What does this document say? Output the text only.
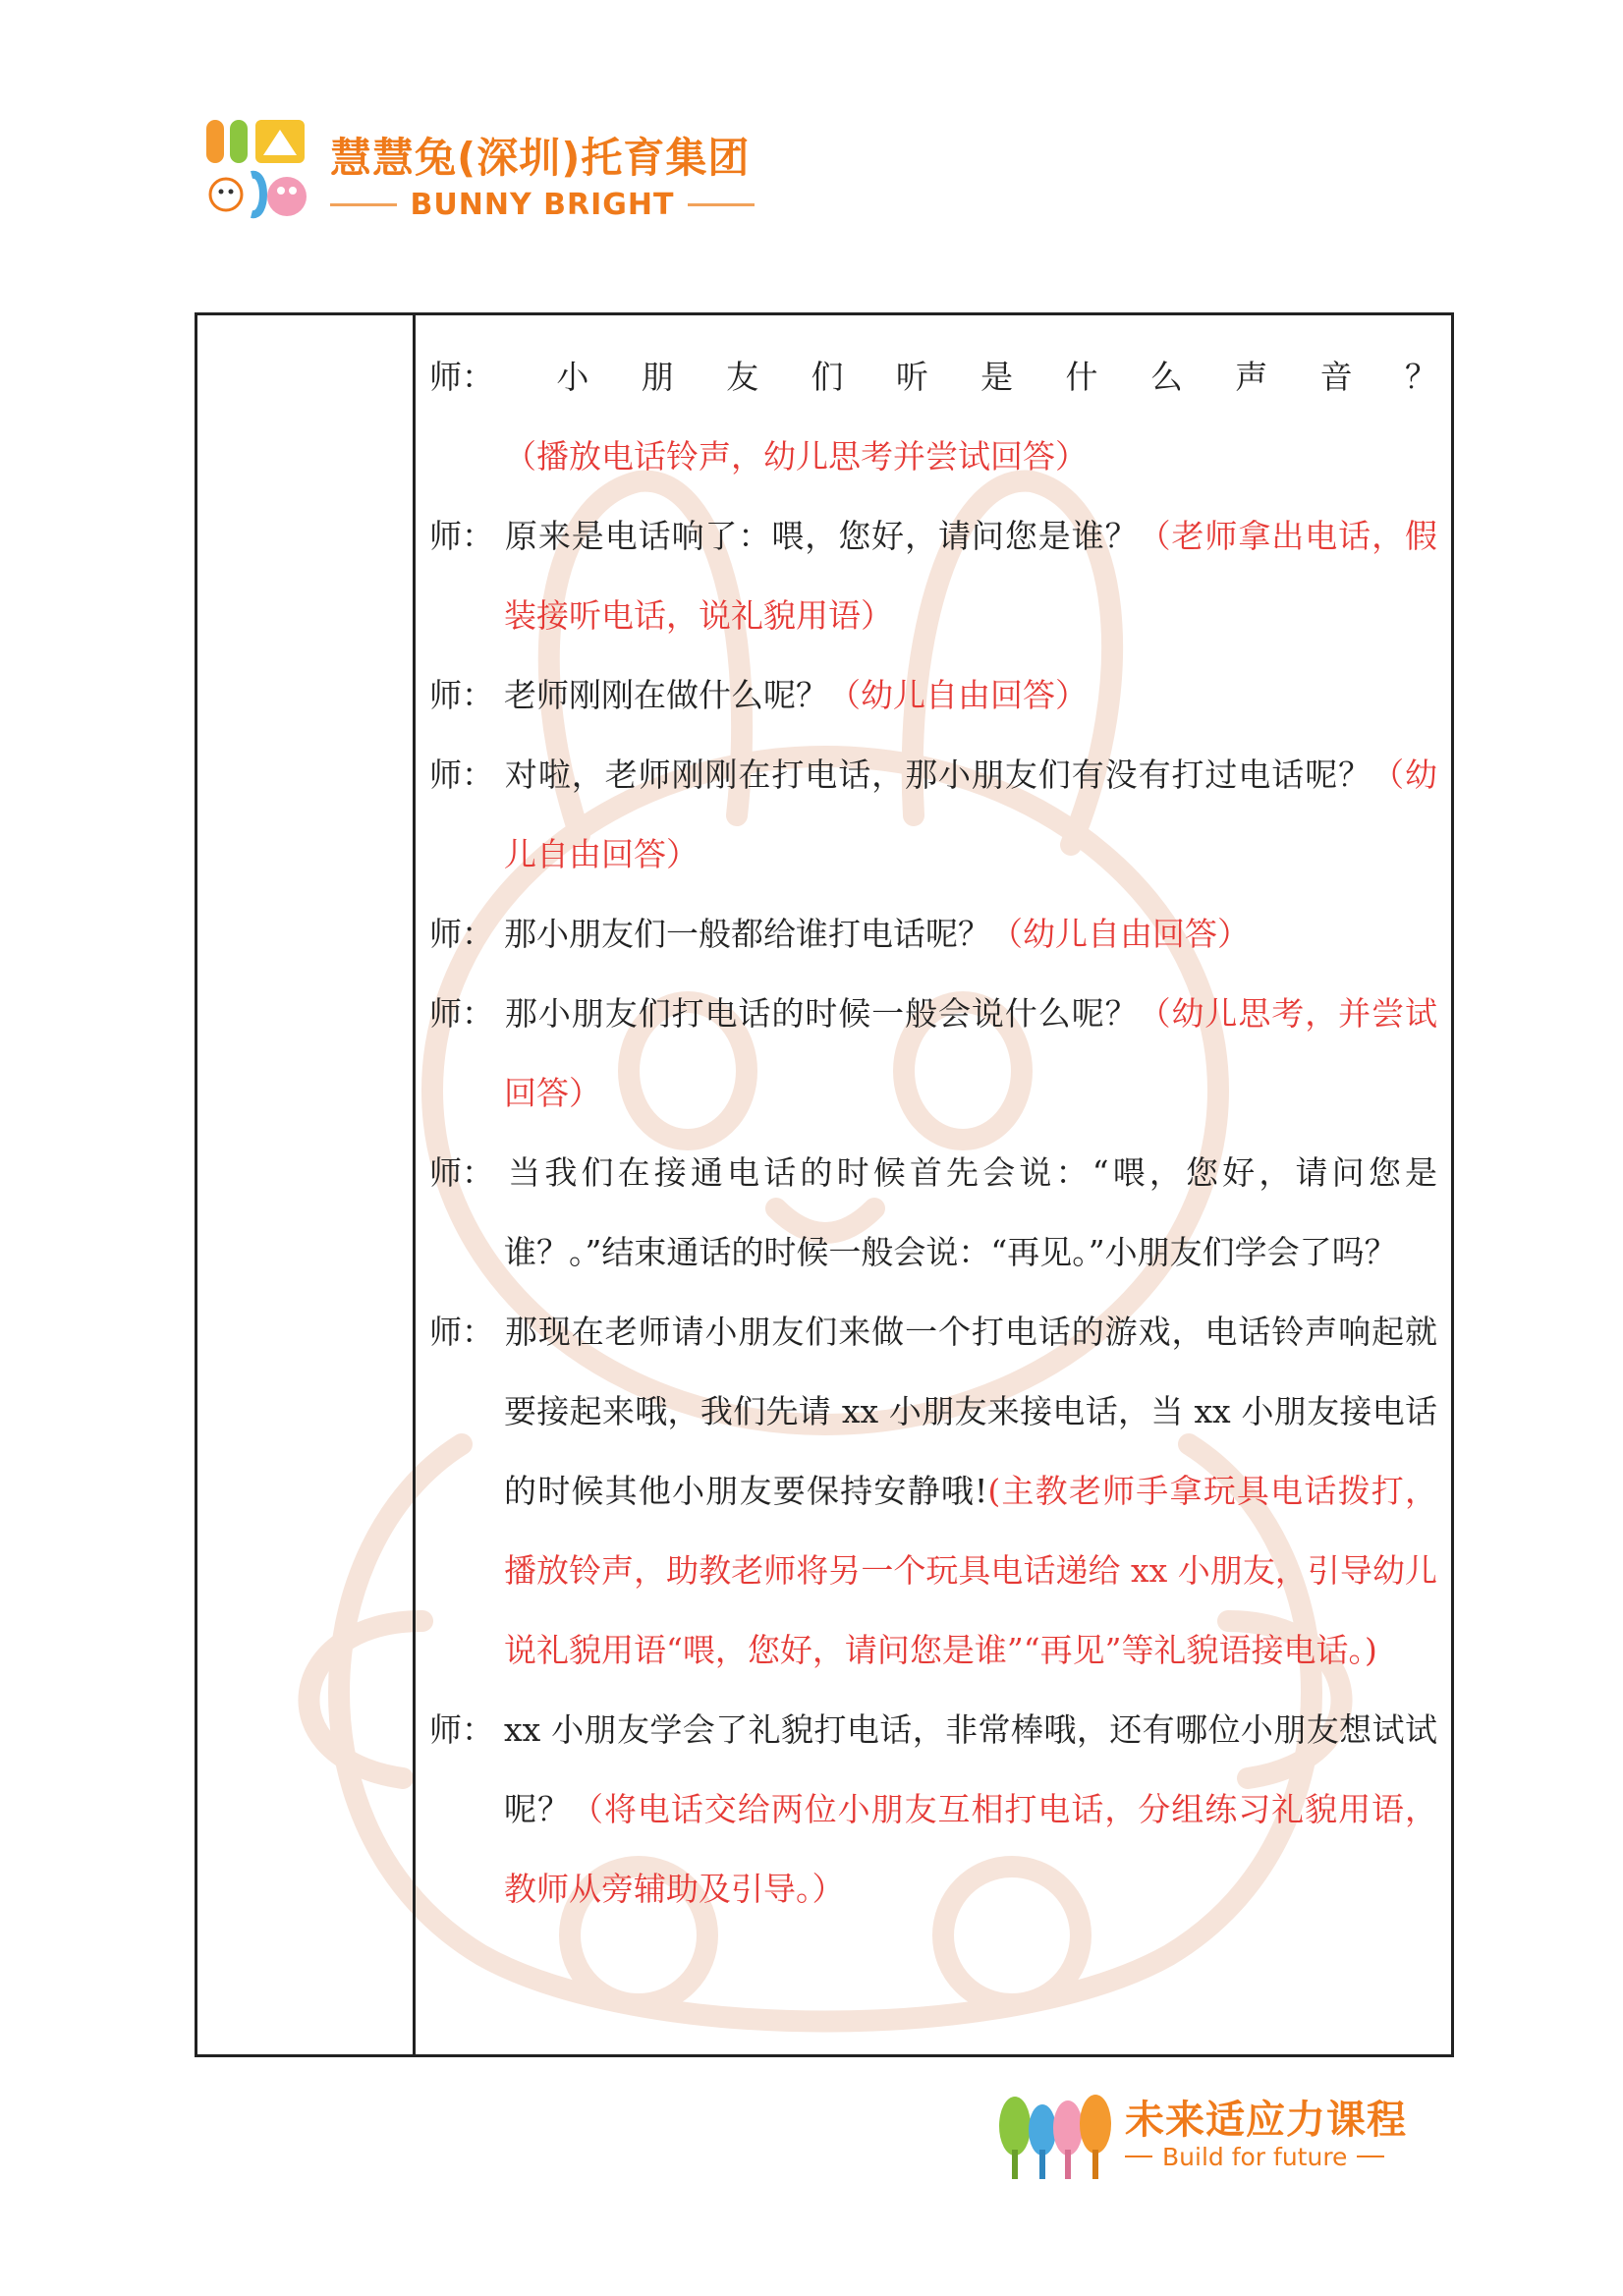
慧慧兔(深圳)托育集团
BUNNY BRIGHT

师： 小朋友们听是什么声音？（播放电话铃声，幼儿思考并尝试回答）

师： 原来是电话响了：喂，您好，请问您是谁？（老师拿出电话，假装接听电话，说礼貌用语）

师： 老师刚刚在做什么呢？（幼儿自由回答）

师： 对啦，老师刚刚在打电话，那小朋友们有没有打过电话呢？（幼儿自由回答）

师： 那小朋友们一般都给谁打电话呢？（幼儿自由回答）

师： 那小朋友们打电话的时候一般会说什么呢？（幼儿思考，并尝试回答）

师： 当我们在接通电话的时候首先会说：“喂，您好，请问您是谁？。”结束通话的时候一般会说：“再见。”小朋友们学会了吗？

师： 那现在老师请小朋友们来做一个打电话的游戏，电话铃声响起就要接起来哦，我们先请 xx 小朋友来接电话，当 xx 小朋友接电话的时候其他小朋友要保持安静哦!(主教老师手拿玩具电话拨打，播放铃声，助教老师将另一个玩具电话递给 xx 小朋友，引导幼儿说礼貌用语“喂，您好，请问您是谁”“再见”等礼貌语接电话。)

师： xx 小朋友学会了礼貌打电话，非常棒哦，还有哪位小朋友想试试呢？（将电话交给两位小朋友互相打电话，分组练习礼貌用语，教师从旁辅助及引导。）

未来适应力课程
Build for future
